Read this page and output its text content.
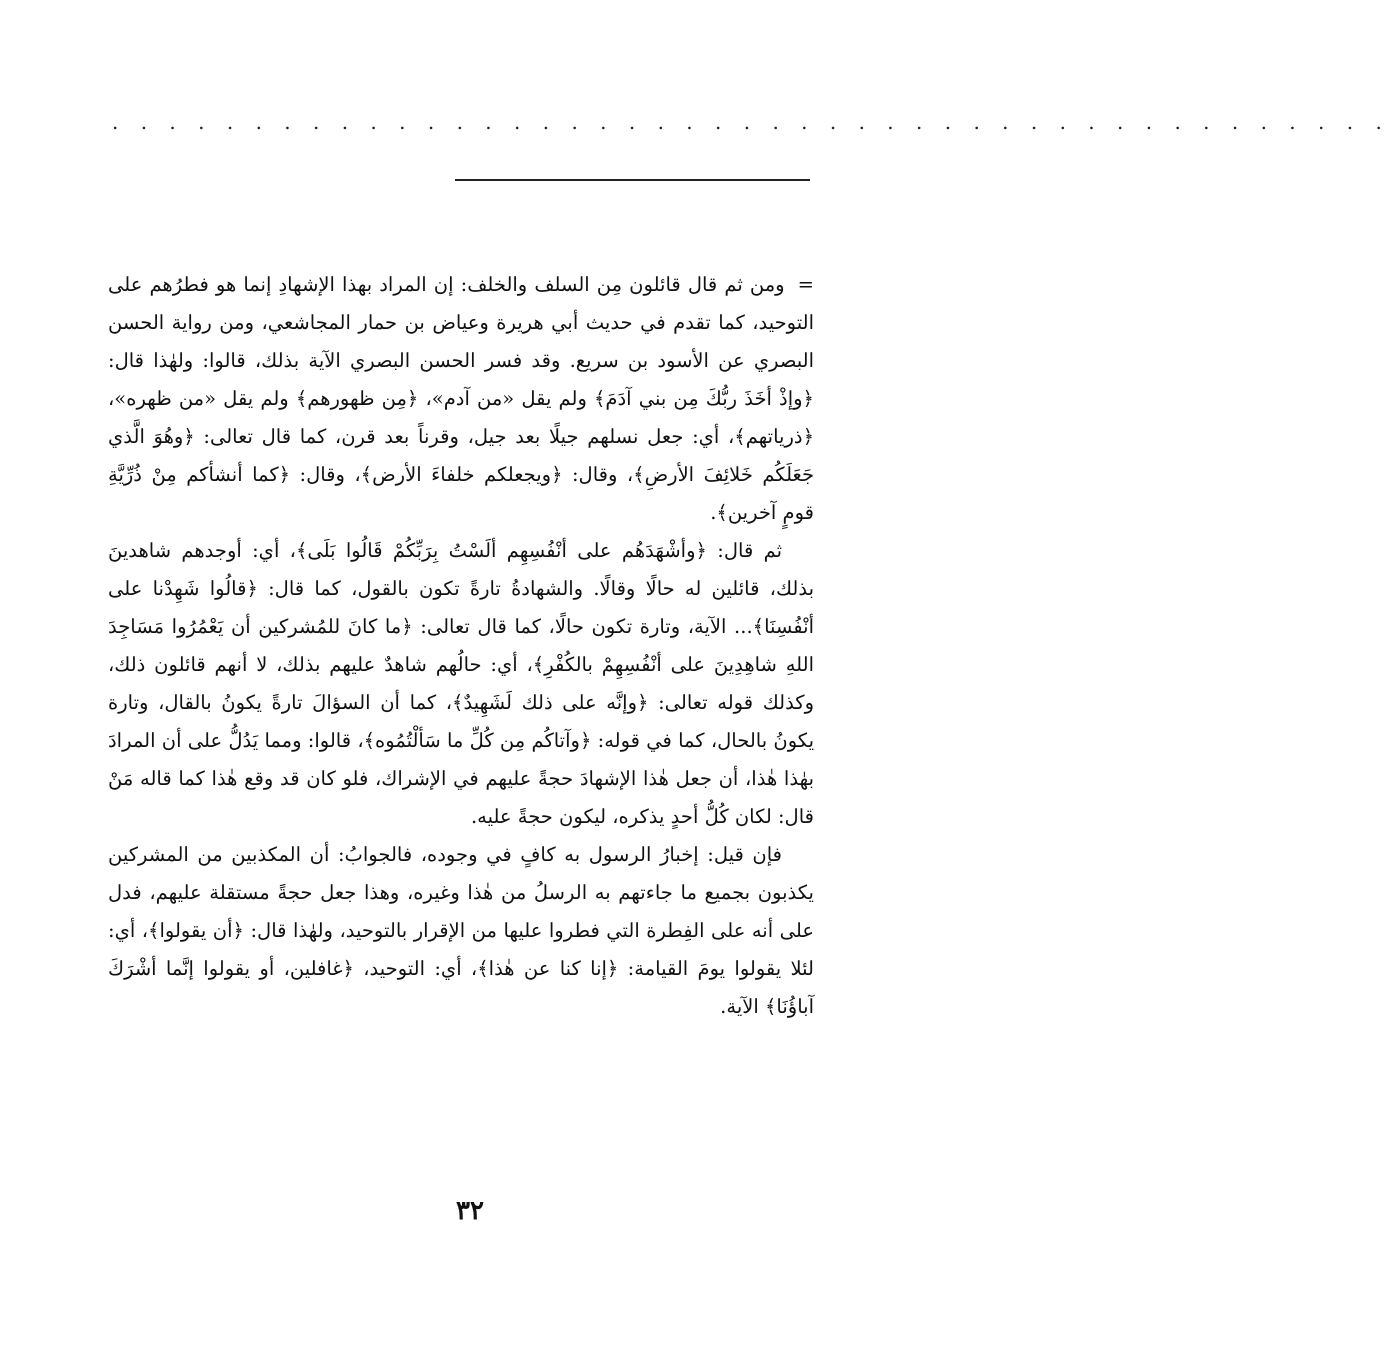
. . . . . . . . . . . . . . . . . . . . . . . . . . . . . . . . . . . . . . . . . . . . .

= ومن ثم قال قائلون مِن السلف والخلف: إن المراد بهذا الإشهادِ إنما هو فطرُهم على التوحيد، كما تقدم في حديث أبي هريرة وعياض بن حمار المجاشعي، ومن رواية الحسن البصري عن الأسود بن سريع. وقد فسر الحسن البصري الآية بذلك، قالوا: ولهٰذا قال: ﴿وإذْ أخَذَ ربُّكَ مِن بني آدَمَ﴾ ولم يقل «من آدم»، ﴿مِن ظهورهم﴾ ولم يقل «من ظهره»، ﴿ذرياتهم﴾، أي: جعل نسلهم جيلًا بعد جيل، وقرناً بعد قرن، كما قال تعالى: ﴿وهُوَ الَّذي جَعَلَكُم خَلائِفَ الأرضِ﴾، وقال: ﴿ويجعلكم خلفاءَ الأرض﴾، وقال: ﴿كما أنشأكم مِنْ ذُرِّيَّةِ قومٍ آخرين﴾.

ثم قال: ﴿وأشْهَدَهُم على أنْفُسِهِم ألَسْتُ بِرَبِّكُمْ قَالُوا بَلَى﴾، أي: أوجدهم شاهدينَ بذلك، قائلين له حالًا وقالًا. والشهادةُ تارةً تكون بالقول، كما قال: ﴿قالُوا شَهِدْنا على أنْفُسِنَا﴾... الآية، وتارة تكون حالًا، كما قال تعالى: ﴿ما كانَ للمُشركين أن يَعْمُرُوا مَسَاجِدَ اللهِ شاهِدِينَ على أنْفُسِهِمْ بالكُفْرِ﴾، أي: حالُهم شاهدٌ عليهم بذلك، لا أنهم قائلون ذلك، وكذلك قوله تعالى: ﴿وإنَّه على ذلك لَشَهِيدٌ﴾، كما أن السؤالَ تارةً يكونُ بالقال، وتارة يكونُ بالحال، كما في قوله: ﴿وآتاكُم مِن كُلِّ ما سَألْتُمُوه﴾، قالوا: ومما يَدُلُّ على أن المرادَ بهٰذا هٰذا، أن جعل هٰذا الإشهادَ حجةً عليهم في الإشراك، فلو كان قد وقع هٰذا كما قاله مَنْ قال: لكان كُلُّ أحدٍ يذكره، ليكون حجةً عليه.

فإن قيل: إخبارُ الرسول به كافٍ في وجوده، فالجوابُ: أن المكذبين من المشركين يكذبون بجميع ما جاءتهم به الرسلُ من هٰذا وغيره، وهذا جعل حجةً مستقلة عليهم، فدل على أنه على الفِطرة التي فطروا عليها من الإقرار بالتوحيد، ولهٰذا قال: ﴿أن يقولوا﴾، أي: لئلا يقولوا يومَ القيامة: ﴿إنا كنا عن هٰذا﴾، أي: التوحيد، ﴿غافلين، أو يقولوا إنَّما أشْرَكَ آباؤُنَا﴾ الآية.

٣٢
